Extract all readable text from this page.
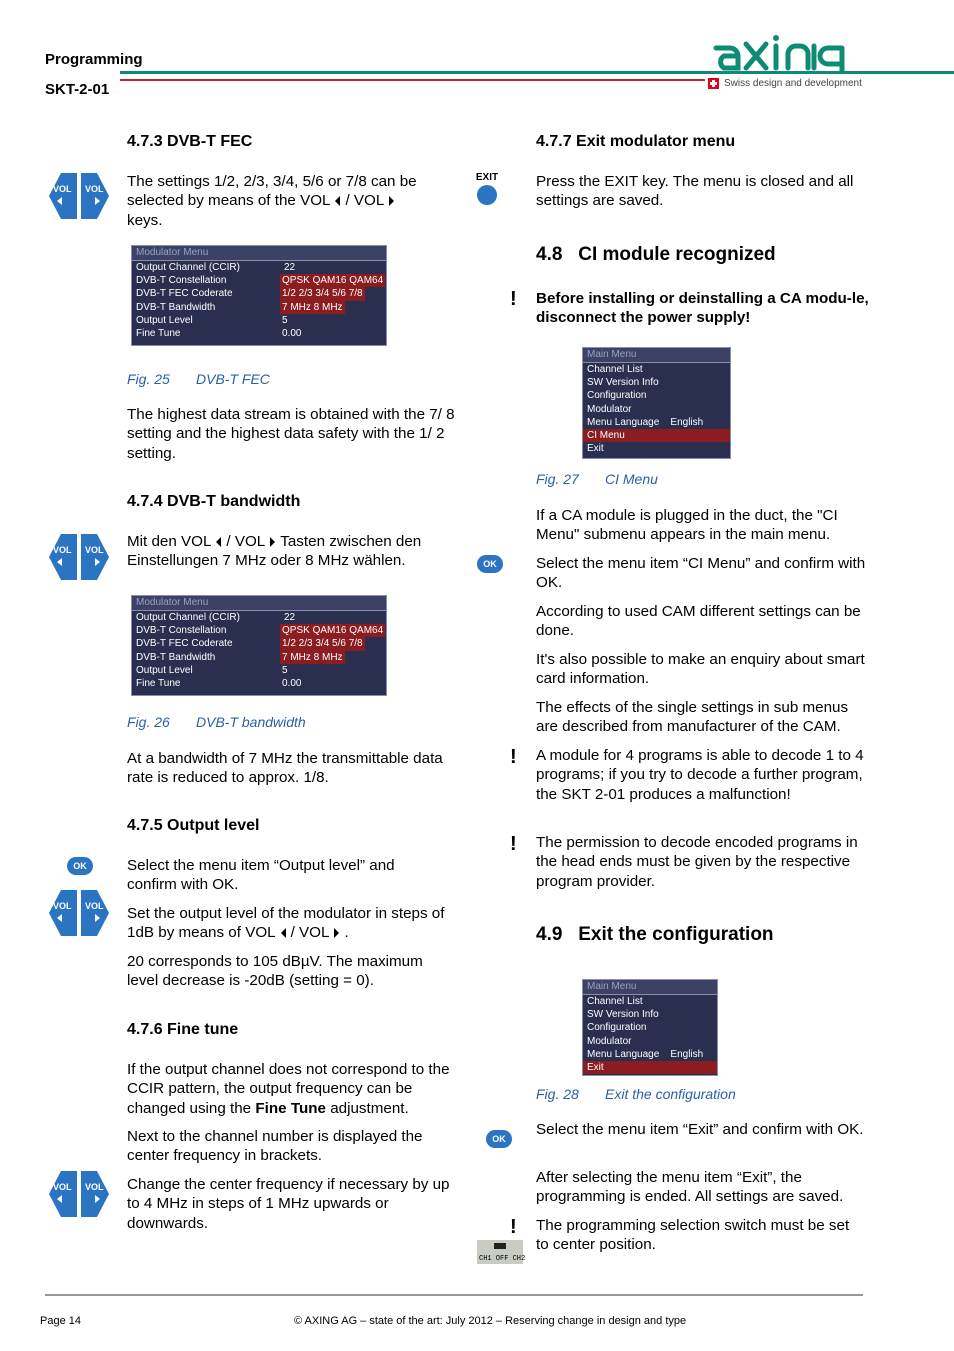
Programming
SKT-2-01	Swiss design and development
4.7.3 DVB-T FEC
VOL VOL The settings 1/2, 2/3, 3/4, 5/6 or 7/8 can be
selected by means of the VOL / VOL
keys.
Modulator Menu
Output Channel (CCIR)	22
DVB-T Constellation	QPSK QAM16 QAM64
DVB-T FEC Coderate	1/2 2/3 3/4 5/6 7/8
DVB-T Bandwidth	7 MHz 8 MHz
Output Level	5
Fine Tune	0.00
Fig. 25 DVB-T FEC
The highest data stream is obtained with the 7/ 8 setting and the highest data safety with the 1/ 2 setting.
4.7.4 DVB-T bandwidth
VOL VOL Mit den VOL / VOL Tasten zwischen den
Einstellungen 7 MHz oder 8 MHz wählen.
Modulator Menu
Output Channel (CCIR)	22
DVB-T Constellation	QPSK QAM16 QAM64
DVB-T FEC Coderate	1/2 2/3 3/4 5/6 7/8
DVB-T Bandwidth	7 MHz 8 MHz
Output Level	5
Fine Tune	0.00
Fig. 26 DVB-T bandwidth
At a bandwidth of 7 MHz the transmittable data rate is reduced to approx. 1/8.
4.7.5 Output level
OK
VOL VOL
Select the menu item “Output level” and confirm with OK.
Set the output level of the modulator in steps of
1dB by means of VOL / VOL .
20 corresponds to 105 dBµV. The maximum level decrease is -20dB (setting = 0).
4.7.6 Fine tune
If the output channel does not correspond to the CCIR pattern, the output frequency can be changed using the Fine Tune adjustment.
Next to the channel number is displayed the center frequency in brackets.
VOL VOL Change the center frequency if necessary by up to 4 MHz in steps of 1 MHz upwards or downwards.
4.7.7 Exit modulator menu
EXIT Press the EXIT key. The menu is closed and all settings are saved.
4.8   CI module recognized
! Before installing or deinstalling a CA modu-le, disconnect the power supply!
Main Menu
Channel List
SW Version Info
Configuration
Modulator
Menu Language    English
CI Menu
Exit
Fig. 27 CI Menu
If a CA module is plugged in the duct, the "CI Menu" submenu appears in the main menu.
OK	Select the menu item “CI Menu” and confirm with OK.
According to used CAM different settings can be done.
It's also possible to make an enquiry about smart card information.
The effects of the single settings in sub menus are described from manufacturer of the CAM.
! A module for 4 programs is able to decode 1 to 4 programs; if you try to decode a further program, the SKT 2-01 produces a malfunction!
! The permission to decode encoded programs in the head ends must be given by the respective program provider.
4.9   Exit the configuration
Main Menu
Channel List
SW Version Info
Configuration
Modulator
Menu Language    English
Exit
Fig. 28 Exit the configuration
OK
Select the menu item “Exit” and confirm with OK.
After selecting the menu item “Exit”, the programming is ended. All settings are saved.
! The programming selection switch must be set to center position.
CH1 OFF CH2
Page 14	© AXING AG – state of the art: July 2012 – Reserving change in design and type
